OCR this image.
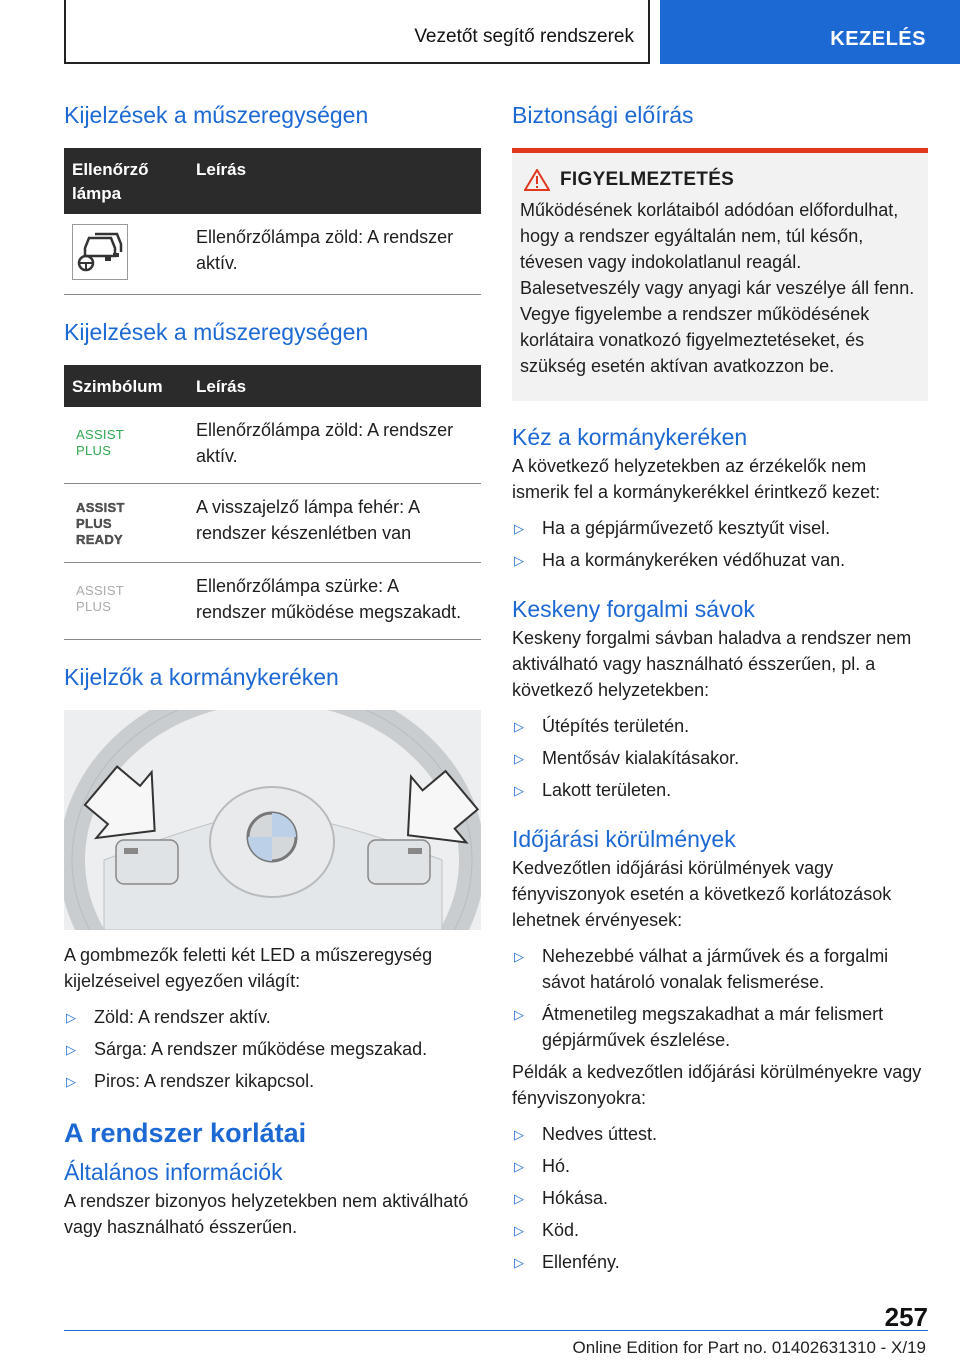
Vezetőt segítő rendszerek	KEZELÉS
Kijelzések a műszeregységen
Ellenőrző lámpa	Leírás

	Ellenőrzőlámpa zöld: A rendszer aktív.
Kijelzések a műszeregységen
Szimbólum	Leírás

ASSIST
PLUS	Ellenőrzőlámpa zöld: A rendszer aktív.

ASSIST
PLUS
READY	A visszajelző lámpa fehér: A rendszer készenlétben van

ASSIST
PLUS	Ellenőrzőlámpa szürke: A rendszer működése megszakadt.
Kijelzők a kormánykeréken

A gombmezők feletti két LED a műszeregység kijelzéseivel egyezően világít:

▷ Zöld: A rendszer aktív.
▷ Sárga: A rendszer működése megszakad.
▷ Piros: A rendszer kikapcsol.
A rendszer korlátai
Általános információk

A rendszer bizonyos helyzetekben nem aktiválható vagy használható ésszerűen.

Biztonsági előírás
FIGYELMEZTETÉS

Működésének korlátaiból adódóan előfordulhat, hogy a rendszer egyáltalán nem, túl későn, tévesen vagy indokolatlanul reagál. Balesetveszély vagy anyagi kár veszélye áll fenn. Vegye figyelembe a rendszer működésének korlátaira vonatkozó figyelmeztetéseket, és szükség esetén aktívan avatkozzon be.

Kéz a kormánykeréken

A következő helyzetekben az érzékelők nem ismerik fel a kormánykerékkel érintkező kezet:

▷ Ha a gépjárművezető kesztyűt visel.
▷ Ha a kormánykeréken védőhuzat van.
Keskeny forgalmi sávok

Keskeny forgalmi sávban haladva a rendszer nem aktiválható vagy használható ésszerűen, pl. a következő helyzetekben:

▷ Útépítés területén.
▷ Mentősáv kialakításakor.
▷ Lakott területen.
Időjárási körülmények

Kedvezőtlen időjárási körülmények vagy fényviszonyok esetén a következő korlátozások lehetnek érvényesek:

▷ Nehezebbé válhat a járművek és a forgalmi sávot határoló vonalak felismerése.
▷ Átmenetileg megszakadhat a már felismert gépjárművek észlelése.

Példák a kedvezőtlen időjárási körülményekre vagy fényviszonyokra:

▷ Nedves úttest.
▷ Hó.
▷ Hókása.
▷ Köd.
▷ Ellenfény.
257
Online Edition for Part no. 01402631310 - X/19
